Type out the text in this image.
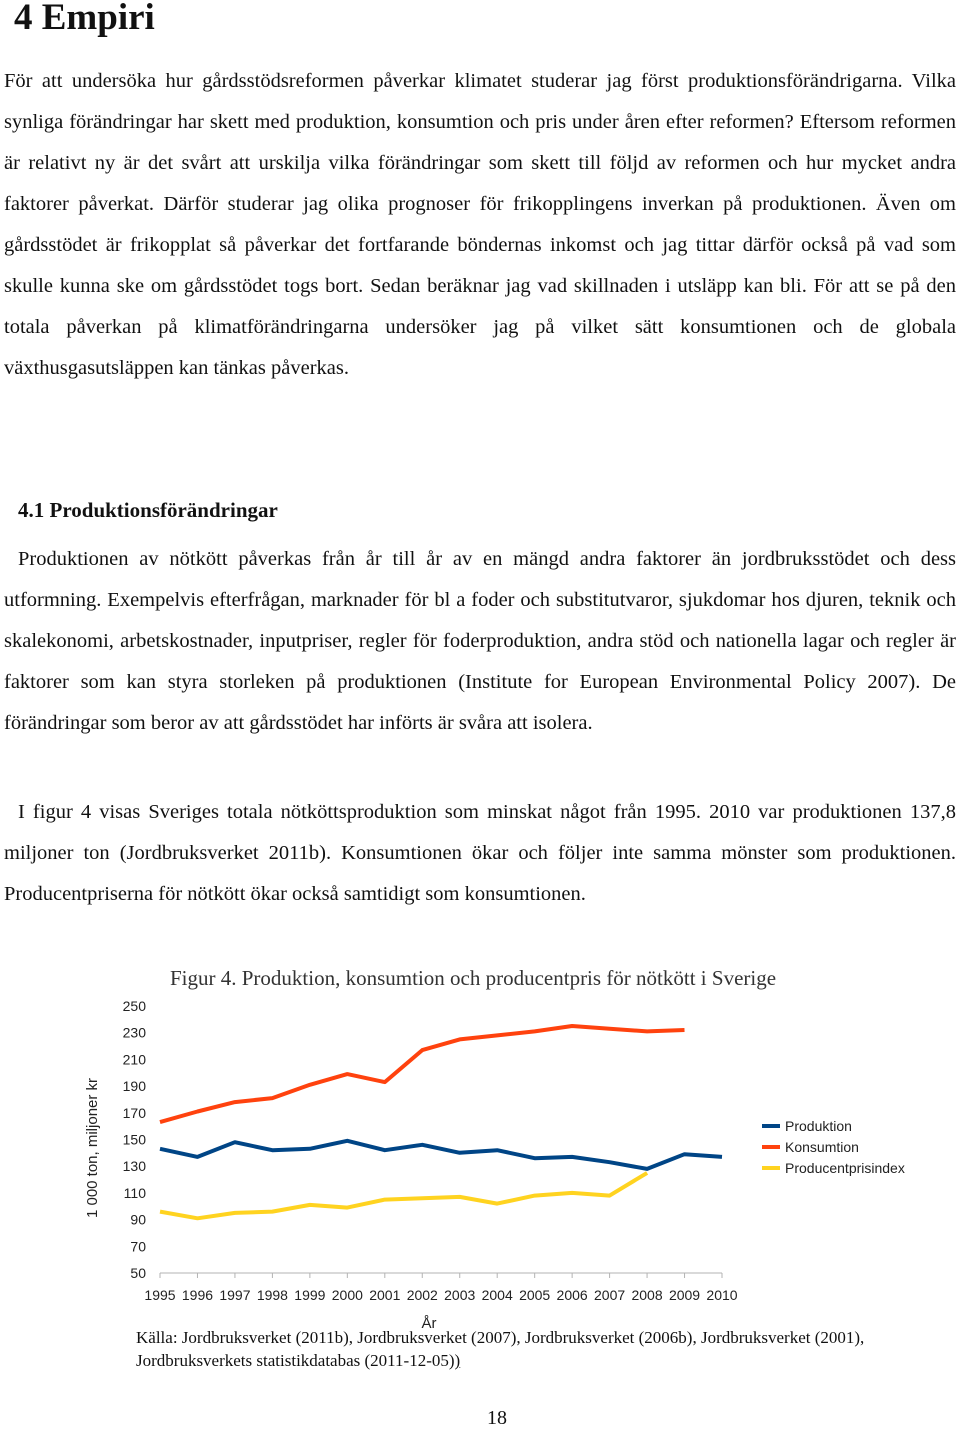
4 Empiri

För att undersöka hur gårdsstödsreformen påverkar klimatet studerar jag först produktionsförändrigarna. Vilka synliga förändringar har skett med produktion, konsumtion och pris under åren efter reformen? Eftersom reformen är relativt ny är det svårt att urskilja vilka förändringar som skett till följd av reformen och hur mycket andra faktorer påverkat. Därför studerar jag olika prognoser för frikopplingens inverkan på produktionen. Även om gårdsstödet är frikopplat så påverkar det fortfarande böndernas inkomst och jag tittar därför också på vad som skulle kunna ske om gårdsstödet togs bort. Sedan beräknar jag vad skillnaden i utsläpp kan bli. För att se på den totala påverkan på klimatförändringarna undersöker jag på vilket sätt konsumtionen och de globala växthusgasutsläppen kan tänkas påverkas.

4.1 Produktionsförändringar

Produktionen av nötkött påverkas från år till år av en mängd andra faktorer än jordbruksstödet och dess utformning. Exempelvis efterfrågan, marknader för bl a foder och substitutvaror, sjukdomar hos djuren, teknik och skalekonomi, arbetskostnader, inputpriser, regler för foderproduktion, andra stöd och nationella lagar och regler är faktorer som kan styra storleken på produktionen (Institute for European Environmental Policy 2007). De förändringar som beror av att gårdsstödet har införts är svåra att isolera.

I figur 4 visas Sveriges totala nötköttsproduktion som minskat något från 1995. 2010 var produktionen 137,8 miljoner ton (Jordbruksverket 2011b). Konsumtionen ökar och följer inte samma mönster som produktionen. Producentpriserna för nötkött ökar också samtidigt som konsumtionen.

Figur 4. Produktion, konsumtion och producentpris för nötkött i Sverige
1 000 ton, miljoner kr
År
250
230
210
190
170
150
130
110
90
70
50
1995 1996 1997 1998 1999 2000 2001 2002 2003 2004 2005 2006 2007 2008 2009 2010
Produktion
Konsumtion
Producentprisindex

Källa: Jordbruksverket (2011b), Jordbruksverket (2007), Jordbruksverket (2006b), Jordbruksverket (2001), Jordbruksverkets statistikdatabas (2011-12-05))

18
